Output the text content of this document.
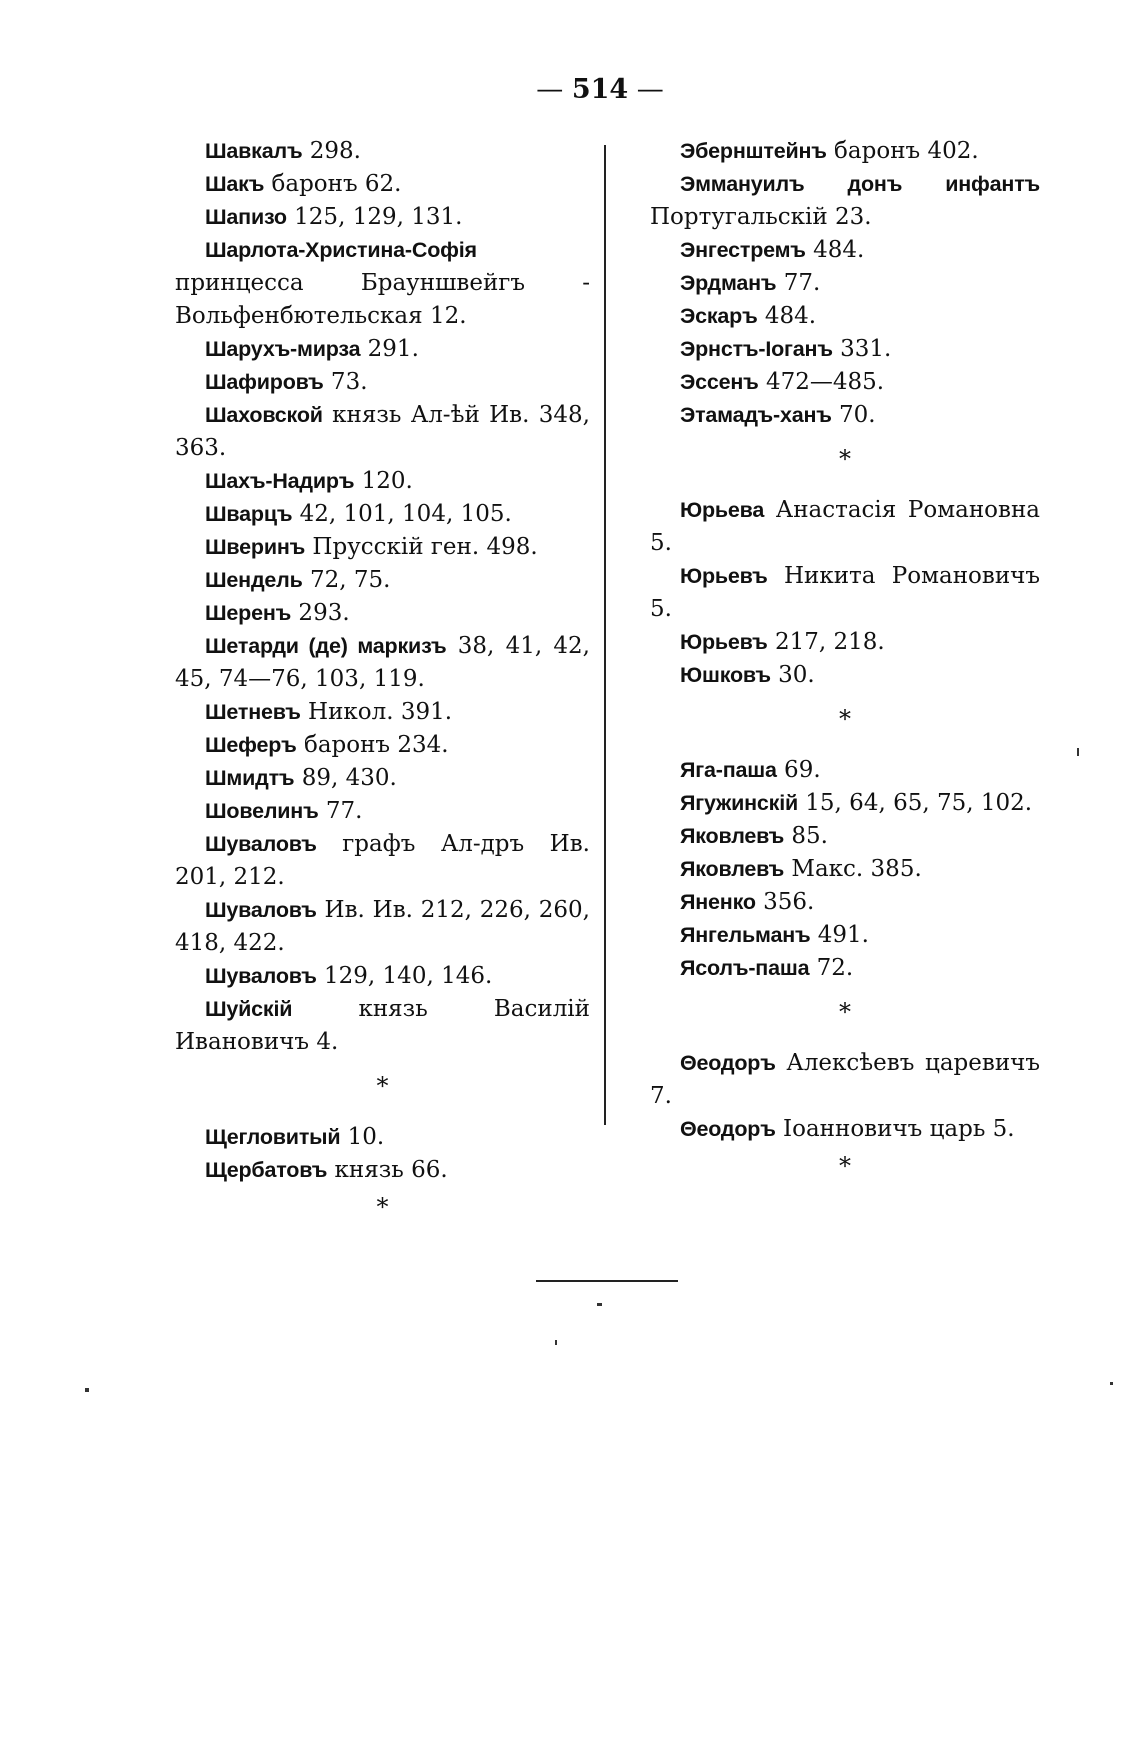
— 514 —

Шавкалъ 298.

Шакъ баронъ 62.

Шапизо 125, 129, 131.

Шарлота-Христина-Софія принцесса Брауншвейгъ - Вольфенбютельская 12.

Шарухъ-мирза 291.

Шафировъ 73.

Шаховской князь Ал-ѣй Ив. 348, 363.

Шахъ-Надиръ 120.

Шварцъ 42, 101, 104, 105.

Шверинъ Прусскій ген. 498.

Шендель 72, 75.

Шеренъ 293.

Шетарди (де) маркизъ 38, 41, 42, 45, 74—76, 103, 119.

Шетневъ Никол. 391.

Шеферъ баронъ 234.

Шмидтъ 89, 430.

Шовелинъ 77.

Шуваловъ графъ Ал-дръ Ив. 201, 212.

Шуваловъ Ив. Ив. 212, 226, 260, 418, 422.

Шуваловъ 129, 140, 146.

Шуйскій князь Василій Ивановичъ 4.

*

Щегловитый 10.

Щербатовъ князь 66.

*

Эбернштейнъ баронъ 402.

Эммануилъ донъ инфантъ Португальскій 23.

Энгестремъ 484.

Эрдманъ 77.

Эскаръ 484.

Эрнстъ-Іоганъ 331.

Эссенъ 472—485.

Этамадъ-ханъ 70.

*

Юрьева Анастасія Романовна 5.

Юрьевъ Никита Романовичъ 5.

Юрьевъ 217, 218.

Юшковъ 30.

*

Яга-паша 69.

Ягужинскій 15, 64, 65, 75, 102.

Яковлевъ 85.

Яковлевъ Макс. 385.

Яненко 356.

Янгельманъ 491.

Ясолъ-паша 72.

*

Θеодоръ Алексѣевъ царевичъ 7.

Θеодоръ Іоанновичъ царь 5.

*
